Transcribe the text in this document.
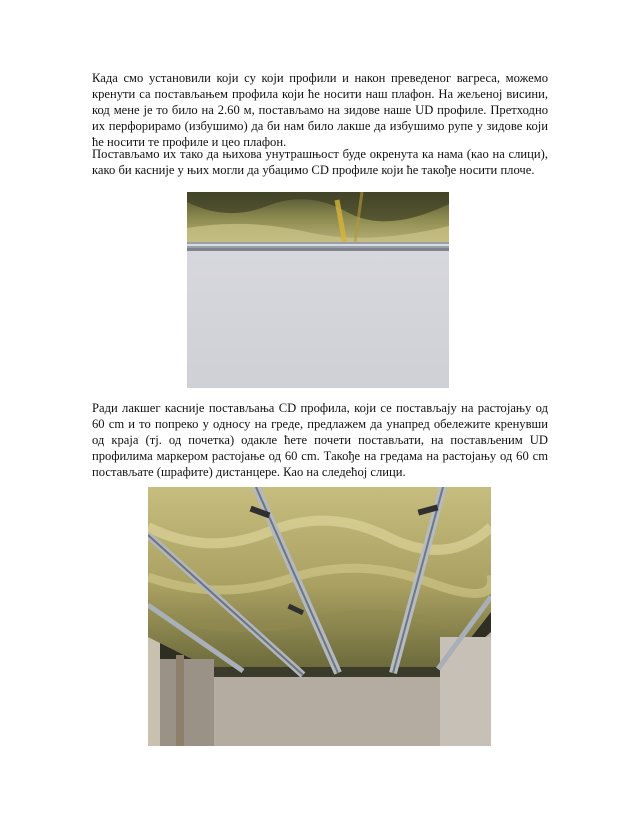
Када смо установили који су који профили и након преведеног вагреса, можемо кренути са постављањем профила који ће носити наш плафон. На жељеној висини, код мене је то било на 2.60 м, постављамо на зидове наше UD профиле. Претходно их перфорирамо (избушимо) да би нам било лакше да избушимо рупе у зидове који ће носити те профиле и цео плафон.

Постављамо их тако да њихова унутрашњост буде окренута ка нама (као на слици), како би касније у њих могли да убацимо CD профиле који ће такође носити плоче.

Ради лакшег касније постављања CD профила, који се постављају на растојању од 60 cm и то попреко у односу на греде, предлажем да унапред обележите кренувши од краја (тј. од почетка) одакле ћете почети постављати, на постављеним UD профилима маркером растојање од 60 cm. Такође на гредама на растојању од 60 cm постављате (шрафите) дистанцере. Као на следећој слици.
